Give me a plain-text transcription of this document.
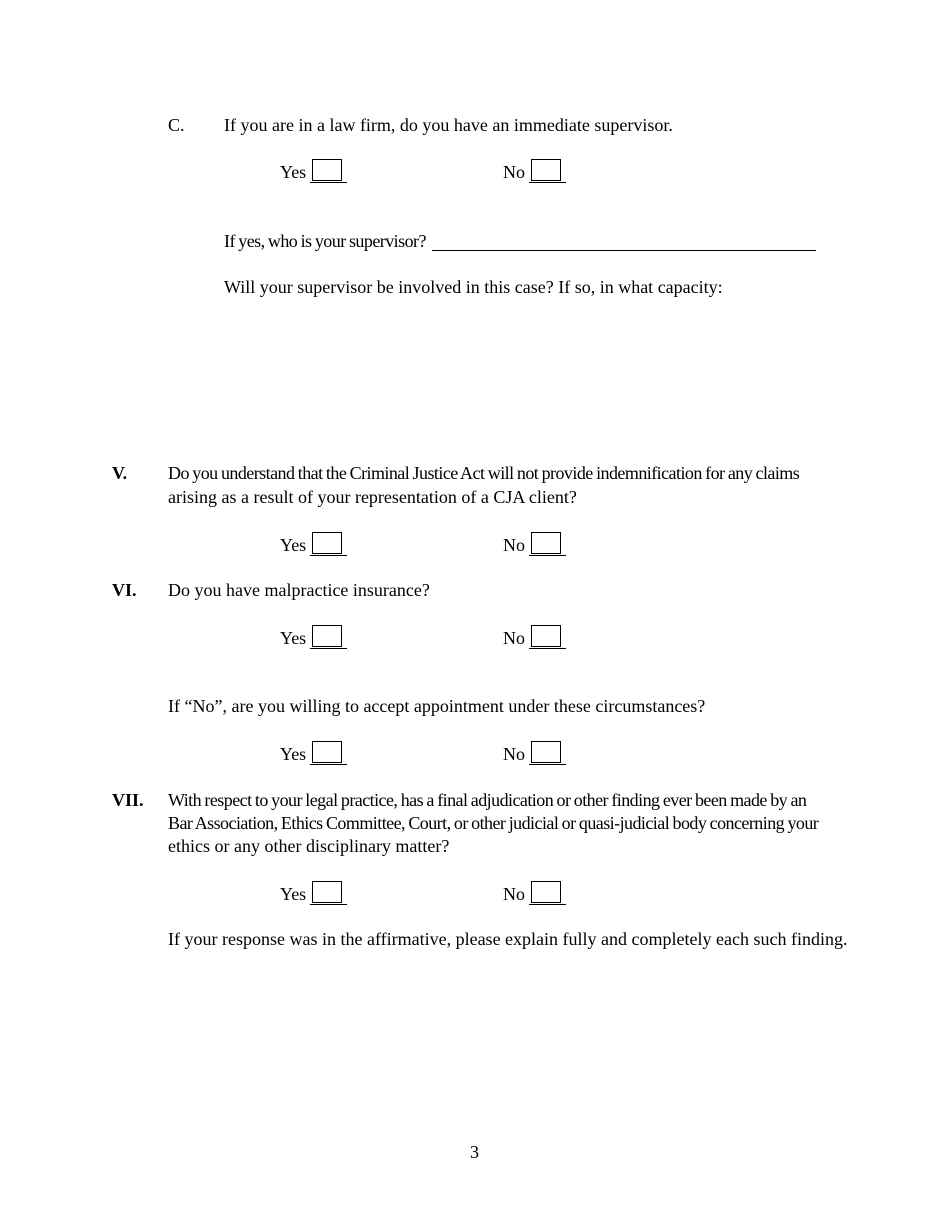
C. If you are in a law firm, do you have an immediate supervisor.
Yes	No
If yes, who is your supervisor?
Will your supervisor be involved in this case? If so, in what capacity:
V. Do you understand that the Criminal Justice Act will not provide indemnification for any claims
arising as a result of your representation of a CJA client?
Yes	No
VI. Do you have malpractice insurance?
Yes	No
If “No”, are you willing to accept appointment under these circumstances?
Yes	No
VII. With respect to your legal practice, has a final adjudication or other finding ever been made by an
Bar Association, Ethics Committee, Court, or other judicial or quasi-judicial body concerning your
ethics or any other disciplinary matter?
Yes	No
If your response was in the affirmative, please explain fully and completely each such finding.
3
